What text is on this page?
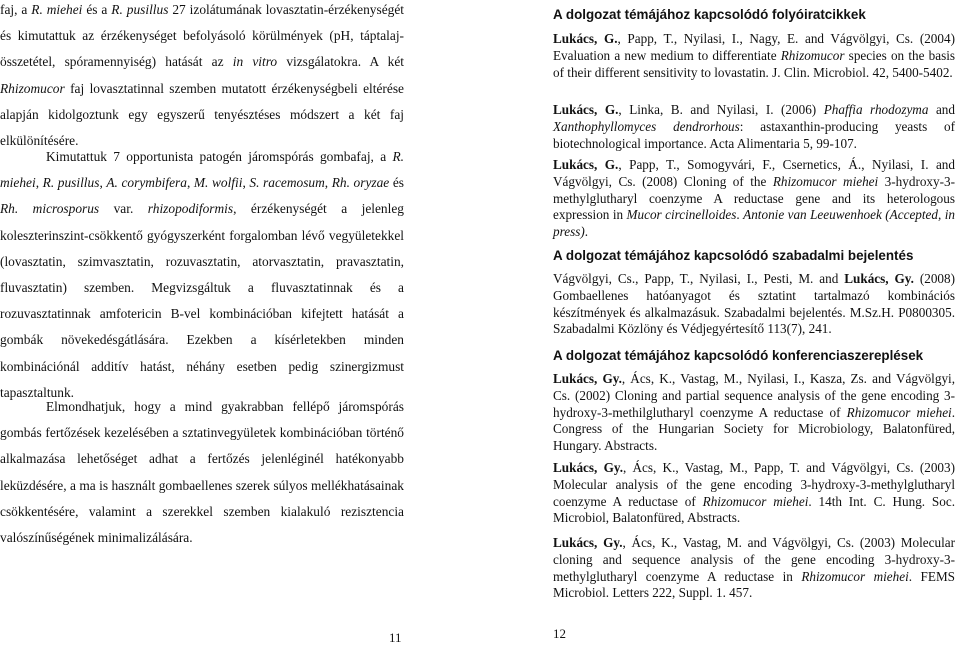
faj, a R. miehei és a R. pusillus 27 izolátumának lovasztatin-érzékenységét és kimutattuk az érzékenységet befolyásoló körülmények (pH, táptalaj-összetétel, spóramennyiség) hatását az in vitro vizsgálatokra. A két Rhizomucor faj lovasztatinnal szemben mutatott érzékenységbeli eltérése alapján kidolgoztunk egy egyszerű tenyésztéses módszert a két faj elkülönítésére.

Kimutattuk 7 opportunista patogén járomspórás gombafaj, a R. miehei, R. pusillus, A. corymbifera, M. wolfii, S. racemosum, Rh. oryzae és Rh. microsporus var. rhizopodiformis, érzékenységét a jelenleg koleszterinszint-csökkentő gyógyszerként forgalomban lévő vegyületekkel (lovasztatin, szimvasztatin, rozuvasztatin, atorvasztatin, pravasztatin, fluvasztatin) szemben. Megvizsgáltuk a fluvasztatinnak és a rozuvasztatinnak amfotericin B-vel kombinációban kifejtett hatását a gombák növekedésgátlására. Ezekben a kísérletekben minden kombinációnál additív hatást, néhány esetben pedig szinergizmust tapasztaltunk.

Elmondhatjuk, hogy a mind gyakrabban fellépő járomspórás gombás fertőzések kezelésében a sztatinvegyületek kombinációban történő alkalmazása lehetőséget adhat a fertőzés jelenléginél hatékonyabb leküzdésére, a ma is használt gombaellenes szerek súlyos mellékhatásainak csökkentésére, valamint a szerekkel szemben kialakuló rezisztencia valószínűségének minimalizálására.

11
A dolgozat témájához kapcsolódó folyóiratcikkek

Lukács, G., Papp, T., Nyilasi, I., Nagy, E. and Vágvölgyi, Cs. (2004) Evaluation a new medium to differentiate Rhizomucor species on the basis of their different sensitivity to lovastatin. J. Clin. Microbiol. 42, 5400-5402.

Lukács, G., Linka, B. and Nyilasi, I. (2006) Phaffia rhodozyma and Xanthophyllomyces dendrorhous: astaxanthin-producing yeasts of biotechnological importance. Acta Alimentaria 5, 99-107.

Lukács, G., Papp, T., Somogyvári, F., Csernetics, Á., Nyilasi, I. and Vágvölgyi, Cs. (2008) Cloning of the Rhizomucor miehei 3-hydroxy-3-methylglutharyl coenzyme A reductase gene and its heterologous expression in Mucor circinelloides. Antonie van Leeuwenhoek (Accepted, in press).

A dolgozat témájához kapcsolódó szabadalmi bejelentés

Vágvölgyi, Cs., Papp, T., Nyilasi, I., Pesti, M. and Lukács, Gy. (2008) Gombaellenes hatóanyagot és sztatint tartalmazó kombinációs készítmények és alkalmazásuk. Szabadalmi bejelentés. M.Sz.H. P0800305. Szabadalmi Közlöny és Védjegyértesítő 113(7), 241.

A dolgozat témájához kapcsolódó konferenciaszereplések

Lukács, Gy., Ács, K., Vastag, M., Nyilasi, I., Kasza, Zs. and Vágvölgyi, Cs. (2002) Cloning and partial sequence analysis of the gene encoding 3-hydroxy-3-methilglutharyl coenzyme A reductase of Rhizomucor miehei. Congress of the Hungarian Society for Microbiology, Balatonfüred, Hungary. Abstracts.

Lukács, Gy., Ács, K., Vastag, M., Papp, T. and Vágvölgyi, Cs. (2003) Molecular analysis of the gene encoding 3-hydroxy-3-methylglutharyl coenzyme A reductase of Rhizomucor miehei. 14th Int. C. Hung. Soc. Microbiol, Balatonfüred, Abstracts.

Lukács, Gy., Ács, K., Vastag, M. and Vágvölgyi, Cs. (2003) Molecular cloning and sequence analysis of the gene encoding 3-hydroxy-3-methylglutharyl coenzyme A reductase in Rhizomucor miehei. FEMS Microbiol. Letters 222, Suppl. 1. 457.

12
